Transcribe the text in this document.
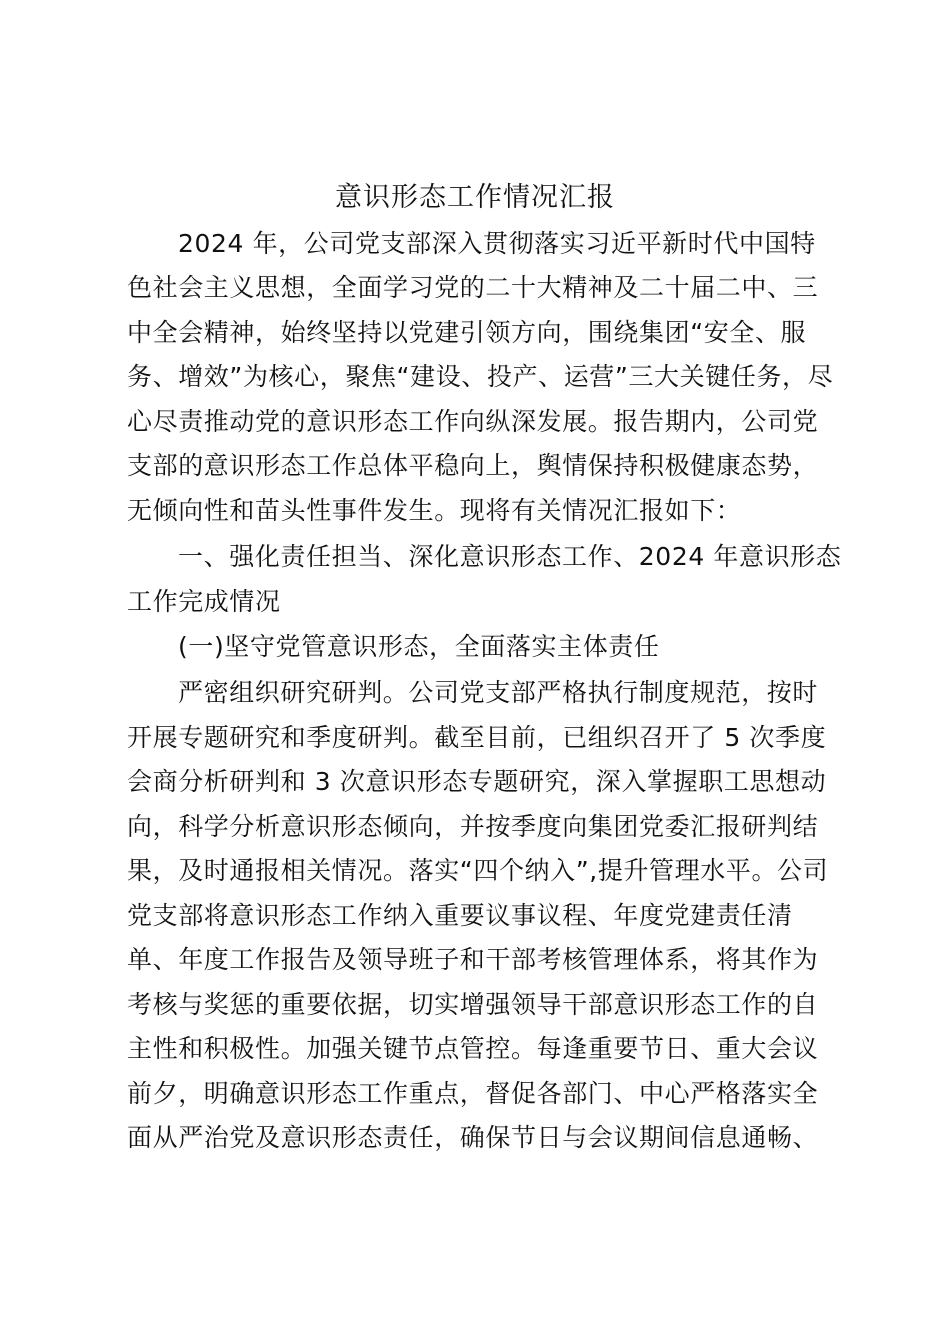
意识形态工作情况汇报
2024 年，公司党支部深入贯彻落实习近平新时代中国特
色社会主义思想，全面学习党的二十大精神及二十届二中、三
中全会精神，始终坚持以党建引领方向，围绕集团“安全、服
务、增效”为核心，聚焦“建设、投产、运营”三大关键任务，尽
心尽责推动党的意识形态工作向纵深发展。报告期内，公司党
支部的意识形态工作总体平稳向上，舆情保持积极健康态势，
无倾向性和苗头性事件发生。现将有关情况汇报如下：
一、强化责任担当、深化意识形态工作、2024 年意识形态
工作完成情况
(一)坚守党管意识形态，全面落实主体责任
严密组织研究研判。公司党支部严格执行制度规范，按时
开展专题研究和季度研判。截至目前，已组织召开了 5 次季度
会商分析研判和 3 次意识形态专题研究，深入掌握职工思想动
向，科学分析意识形态倾向，并按季度向集团党委汇报研判结
果，及时通报相关情况。落实“四个纳入”,提升管理水平。公司
党支部将意识形态工作纳入重要议事议程、年度党建责任清
单、年度工作报告及领导班子和干部考核管理体系，将其作为
考核与奖惩的重要依据，切实增强领导干部意识形态工作的自
主性和积极性。加强关键节点管控。每逢重要节日、重大会议
前夕，明确意识形态工作重点，督促各部门、中心严格落实全
面从严治党及意识形态责任，确保节日与会议期间信息通畅、
